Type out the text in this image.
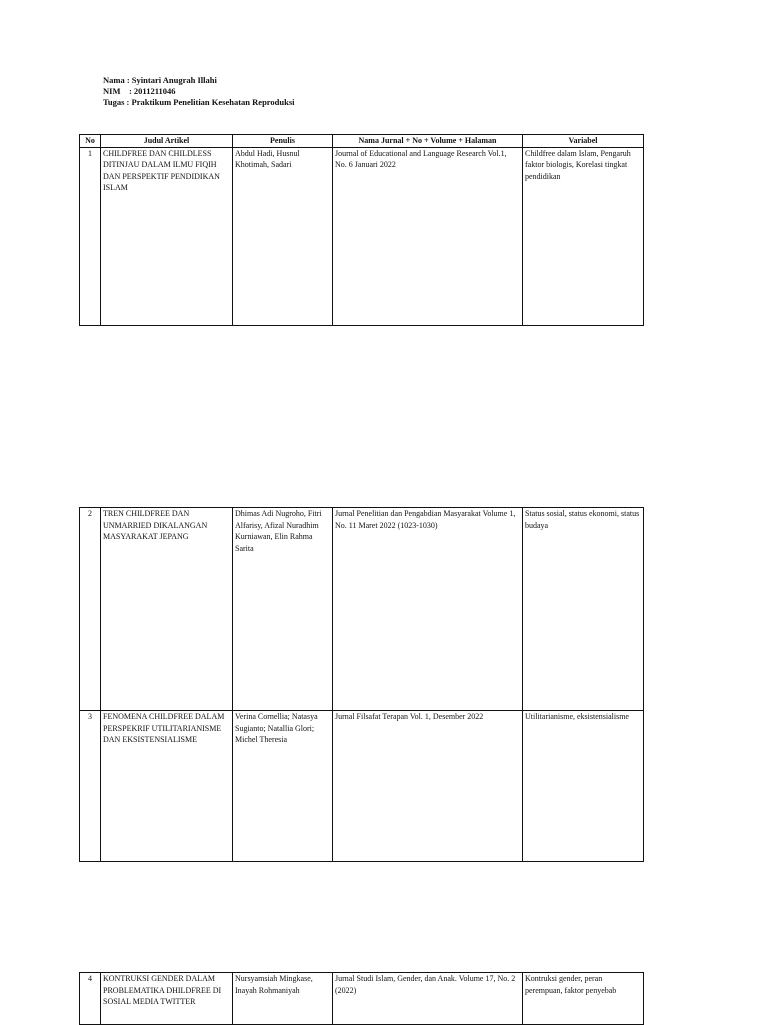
Nama : Syintari Anugrah Illahi
NIM    : 2011211046
Tugas : Praktikum Penelitian Kesehatan Reproduksi
No	Judul Artikel	Penulis	Nama Jurnal + No + Volume + Halaman	Variabel
1	CHILDFREE DAN CHILDLESS DITINJAU DALAM ILMU FIQIH DAN PERSPEKTIF PENDIDIKAN ISLAM	Abdul Hadi, Husnul Khotimah, Sadari	Journal of Educational and Language Research Vol.1, No. 6 Januari 2022	Childfree dalam Islam, Pengaruh faktor biologis, Korelasi tingkat pendidikan
2	TREN CHILDFREE DAN UNMARRIED DIKALANGAN MASYARAKAT JEPANG	Dhimas Adi Nugroho, Fitri Alfarisy, Afizal Nuradhim Kurniawan, Elin Rahma Sarita	Jurnal Penelitian dan Pengabdian Masyarakat Volume 1, No. 11 Maret 2022 (1023-1030)	Status sosial, status ekonomi, status budaya
3	FENOMENA CHILDFREE DALAM PERSPEKRIF UTILITARIANISME DAN EKSISTENSIALISME	Verina Cornellia; Natasya Sugianto; Natallia Glori; Michel Theresia	Jurnal Filsafat Terapan Vol. 1, Desember 2022	Utilitarianisme, eksistensialisme
4	KONTRUKSI GENDER DALAM PROBLEMATIKA DHILDFREE DI SOSIAL MEDIA TWITTER	Nursyamsiah Mingkase, Inayah Rohmaniyah	Jurnal Studi Islam, Gender, dan Anak. Volume 17, No. 2 (2022)	Kontruksi gender, peran perempuan, faktor penyebab
